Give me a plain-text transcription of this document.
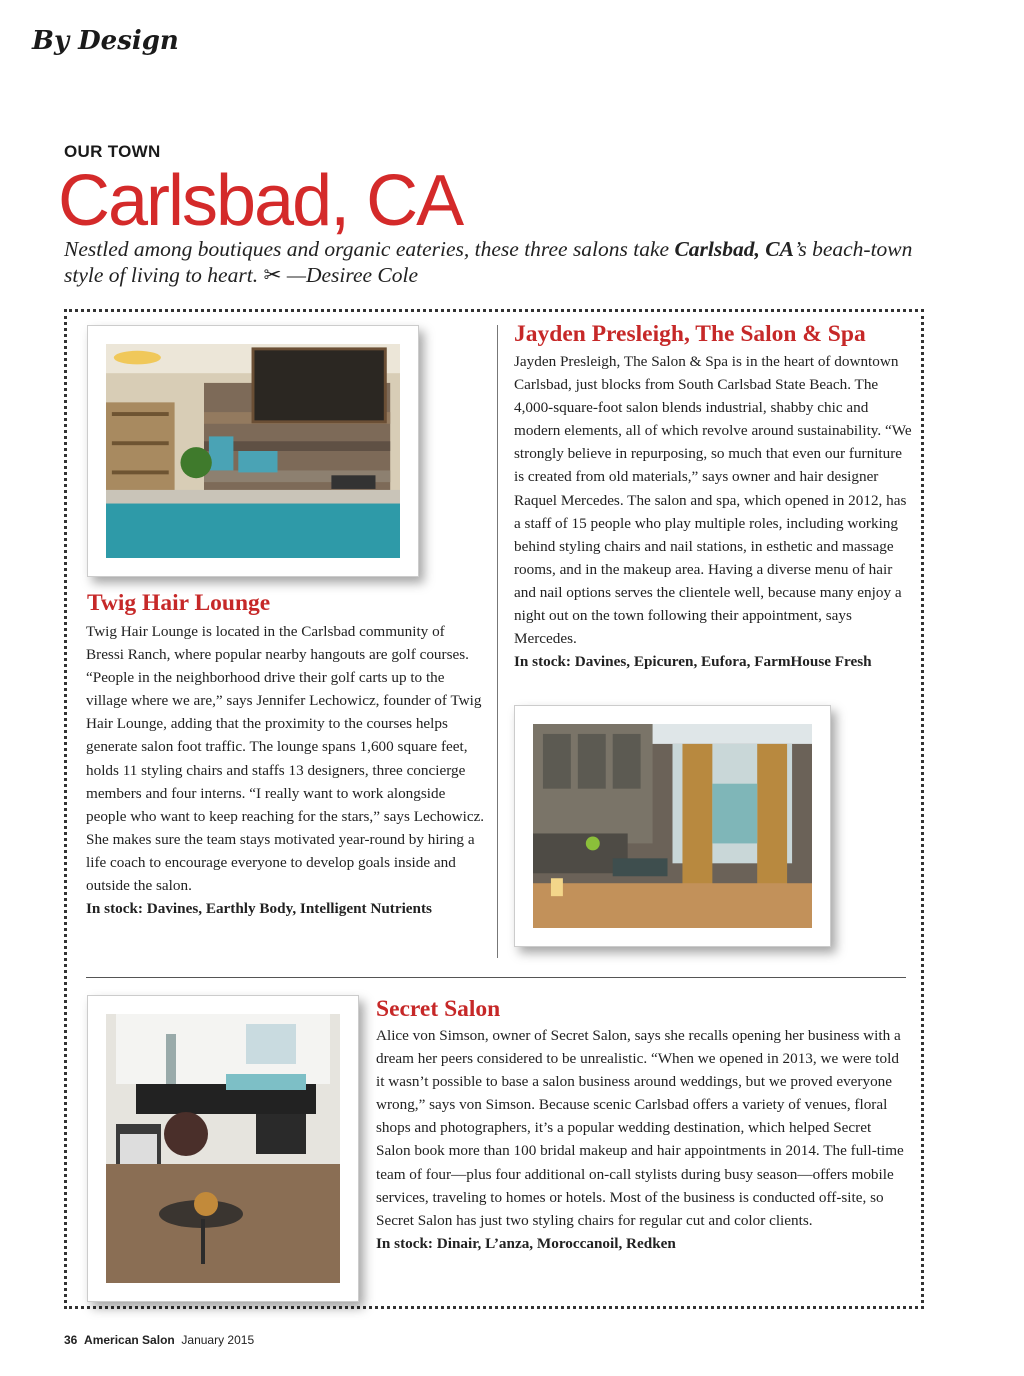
By Design
OUR TOWN
Carlsbad, CA
Nestled among boutiques and organic eateries, these three salons take Carlsbad, CA’s beach-town style of living to heart. ✂ —Desiree Cole
Twig Hair Lounge
Twig Hair Lounge is located in the Carlsbad community of Bressi Ranch, where popular nearby hangouts are golf courses. “People in the neighborhood drive their golf carts up to the village where we are,” says Jennifer Lechowicz, founder of Twig Hair Lounge, adding that the proximity to the courses helps generate salon foot traffic. The lounge spans 1,600 square feet, holds 11 styling chairs and staffs 13 designers, three concierge members and four interns. “I really want to work alongside people who want to keep reaching for the stars,” says Lechowicz. She makes sure the team stays motivated year-round by hiring a life coach to encourage everyone to develop goals inside and outside the salon.
In stock: Davines, Earthly Body, Intelligent Nutrients
Jayden Presleigh, The Salon & Spa
Jayden Presleigh, The Salon & Spa is in the heart of downtown Carlsbad, just blocks from South Carlsbad State Beach. The 4,000-square-foot salon blends industrial, shabby chic and modern elements, all of which revolve around sustainability. “We strongly believe in repurposing, so much that even our furniture is created from old materials,” says owner and hair designer Raquel Mercedes. The salon and spa, which opened in 2012, has a staff of 15 people who play multiple roles, including working behind styling chairs and nail stations, in esthetic and massage rooms, and in the makeup area. Having a diverse menu of hair and nail options serves the clientele well, because many enjoy a night out on the town following their appointment, says Mercedes.
In stock: Davines, Epicuren, Eufora, FarmHouse Fresh
Secret Salon
Alice von Simson, owner of Secret Salon, says she recalls opening her business with a dream her peers considered to be unrealistic. “When we opened in 2013, we were told it wasn’t possible to base a salon business around weddings, but we proved everyone wrong,” says von Simson. Because scenic Carlsbad offers a variety of venues, floral shops and photographers, it’s a popular wedding destination, which helped Secret Salon book more than 100 bridal makeup and hair appointments in 2014. The full-time team of four—plus four additional on-call stylists during busy season—offers mobile services, traveling to homes or hotels. Most of the business is conducted off-site, so Secret Salon has just two styling chairs for regular cut and color clients.
In stock: Dinair, L’anza, Moroccanoil, Redken
36 American Salon January 2015
